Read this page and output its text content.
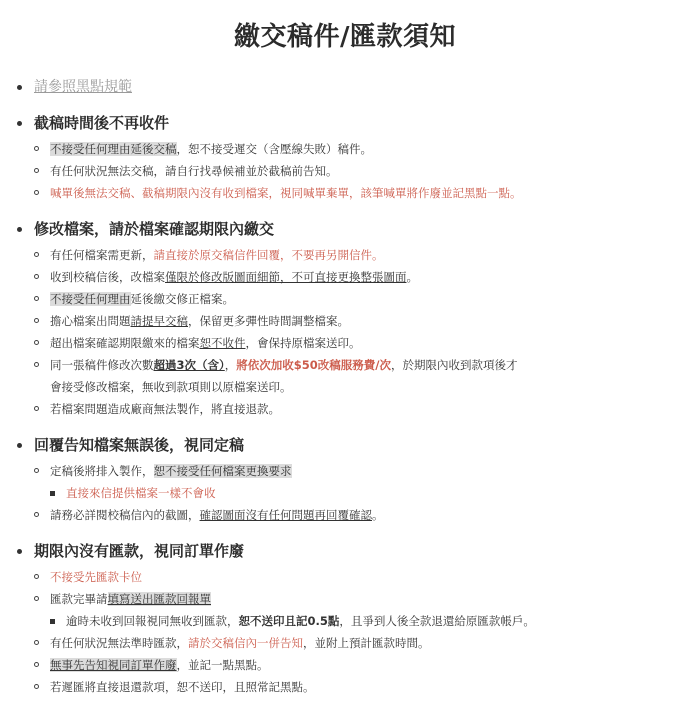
繳交稿件/匯款須知
請參照黑點規範
截稿時間後不再收件
不接受任何理由延後交稿，恕不接受遲交（含壓線失敗）稿件。
有任何狀況無法交稿，請自行找尋候補並於截稿前告知。
喊單後無法交稿、截稿期限內沒有收到檔案，視同喊單棄單，該筆喊單將作廢並記黑點一點。
修改檔案，請於檔案確認期限內繳交
有任何檔案需更新，請直接於原交稿信件回覆，不要再另開信件。
收到校稿信後，改檔案僅限於修改版圖面細節，不可直接更換整張圖面。
不接受任何理由延後繳交修正檔案。
擔心檔案出問題請提早交稿，保留更多彈性時間調整檔案。
超出檔案確認期限繳來的檔案恕不收件，會保持原檔案送印。
同一張稿件修改次數超過3次（含），將依次加收$50改稿服務費/次，於期限內收到款項後才
會接受修改檔案，無收到款項則以原檔案送印。
若檔案問題造成廠商無法製作，將直接退款。
回覆告知檔案無誤後，視同定稿
定稿後將排入製作，恕不接受任何檔案更換要求
直接來信提供檔案一樣不會收
請務必詳閱校稿信內的截圖，確認圖面沒有任何問題再回覆確認。
期限內沒有匯款，視同訂單作廢
不接受先匯款卡位
匯款完畢請填寫送出匯款回報單
逾時未收到回報視同無收到匯款，恕不送印且記0.5點，且爭到人後全款退還給原匯款帳戶。
有任何狀況無法準時匯款，請於交稿信內一併告知，並附上預計匯款時間。
無事先告知視同訂單作廢，並記一點黑點。
若遲匯將直接退還款項，恕不送印，且照常記黑點。
